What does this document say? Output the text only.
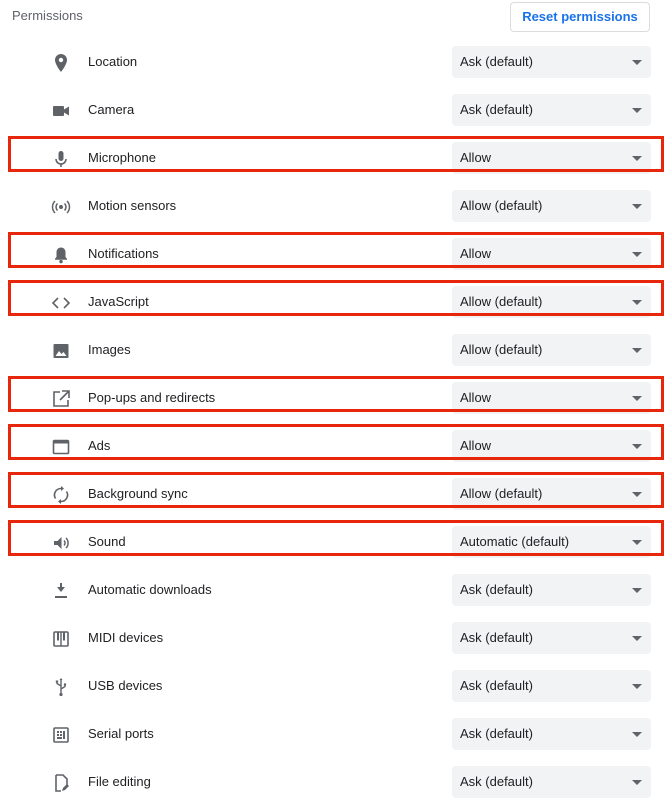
Permissions	Reset permissions
Location	Ask (default)
Camera	Ask (default)
Microphone	Allow
Motion sensors	Allow (default)
Notifications	Allow
JavaScript	Allow (default)
Images	Allow (default)
Pop-ups and redirects	Allow
Ads	Allow
Background sync	Allow (default)
Sound	Automatic (default)
Automatic downloads	Ask (default)
MIDI devices	Ask (default)
USB devices	Ask (default)
Serial ports	Ask (default)
File editing	Ask (default)
